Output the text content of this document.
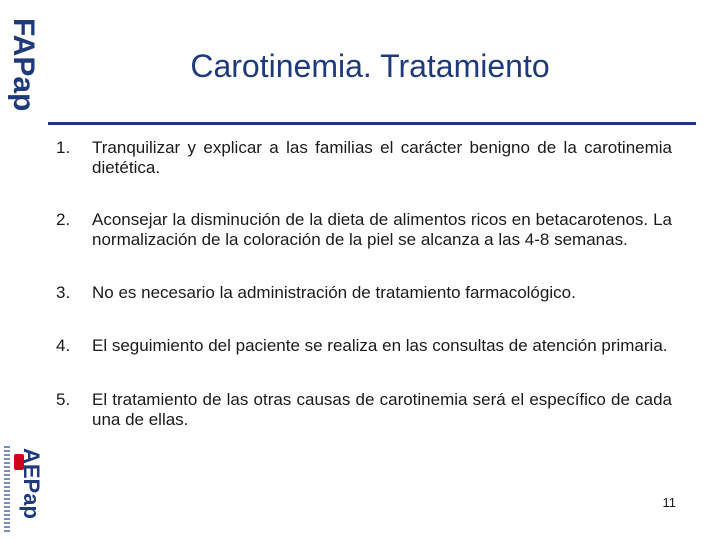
FAPap	Carotinemia. Tratamiento
1.	Tranquilizar y explicar a las familias el carácter benigno de la carotinemia dietética.
2.	Aconsejar la disminución de la dieta de alimentos ricos en betacarotenos. La normalización de la coloración de la piel se alcanza a las 4-8 semanas.
3.	No es necesario la administración de tratamiento farmacológico.
4.	El seguimiento del paciente se realiza en las consultas de atención primaria.
5.	El tratamiento de las otras causas de carotinemia será el específico de cada una de ellas.
AEPap	11
